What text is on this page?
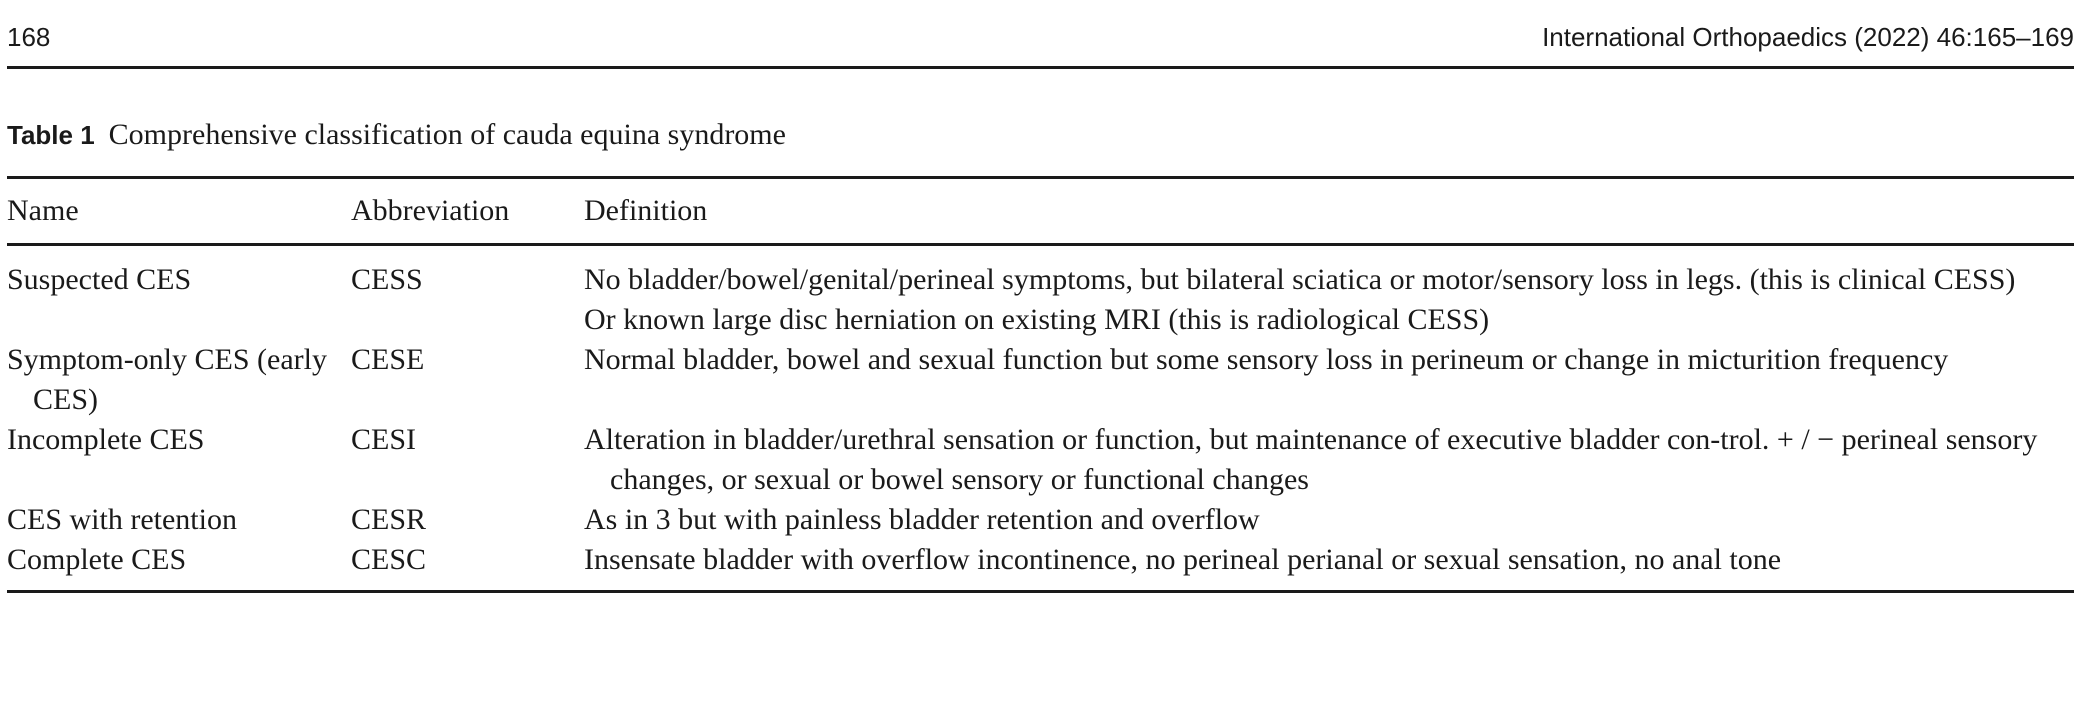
168	International Orthopaedics (2022) 46:165–169
Table 1 Comprehensive classification of cauda equina syndrome
Name	Abbreviation	Definition
Suspected CES	CESS	No bladder/bowel/genital/perineal symptoms, but bilateral sciatica or motor/sensory loss in legs. (this is clinical CESS)
Or known large disc herniation on existing MRI (this is radiological CESS)

Symptom-only CES (early CES)	CESE	Normal bladder, bowel and sexual function but some sensory loss in perineum or change in micturition frequency

Incomplete CES	CESI	Alteration in bladder/urethral sensation or function, but maintenance of executive bladder con-trol. + / − perineal sensory changes, or sexual or bowel sensory or functional changes

CES with retention	CESR	As in 3 but with painless bladder retention and overflow

Complete CES	CESC	Insensate bladder with overflow incontinence, no perineal perianal or sexual sensation, no anal tone
